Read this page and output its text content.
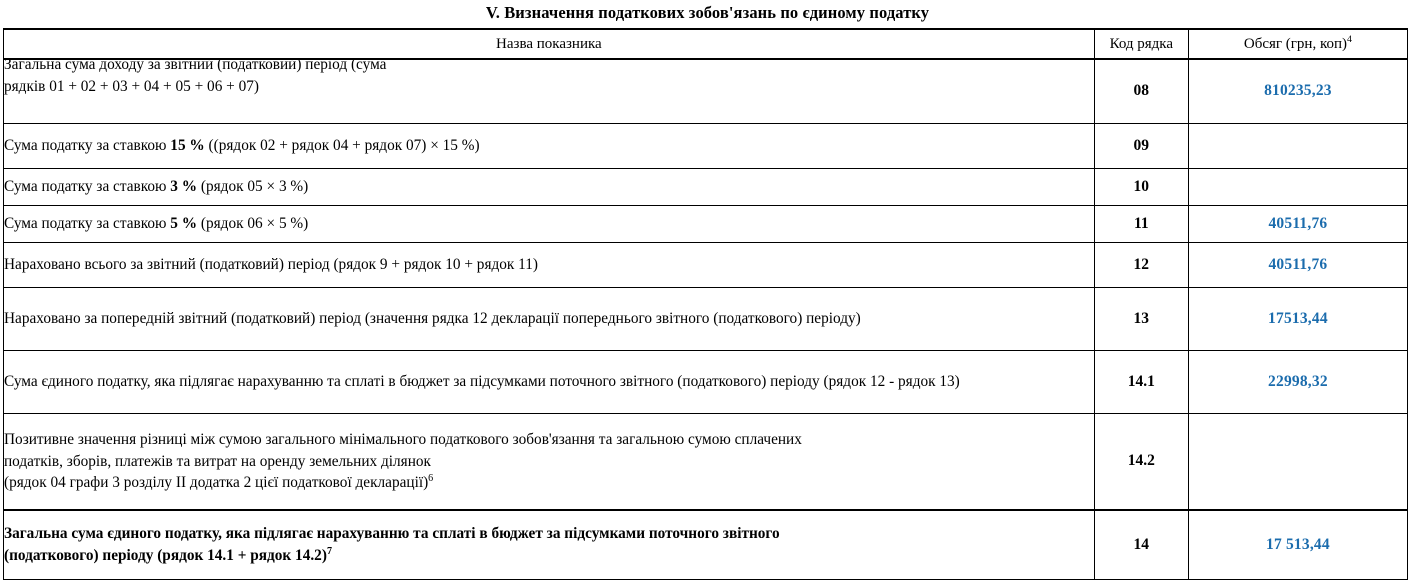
V. Визначення податкових зобов'язань по єдиному податку
Назва показника	Код рядка	Обсяг (грн, коп)$^4$

Загальна сума доходу за звітний (податковий) період (сума
рядків 01 + 02 + 03 + 04 + 05 + 06 + 07)	08	810235,23
Сума податку за ставкою 15 % ((рядок 02 + рядок 04 + рядок 07) × 15 %)	09	
Сума податку за ставкою 3 % (рядок 05 × 3 %)	10	
Сума податку за ставкою 5 % (рядок 06 × 5 %)	11	40511,76
Нараховано всього за звітний (податковий) період (рядок 9 + рядок 10 + рядок 11)	12	40511,76
Нараховано за попередній звітний (податковий) період (значення рядка 12 декларації попереднього звітного (податкового) періоду)	13	17513,44
Сума єдиного податку, яка підлягає нарахуванню та сплаті в бюджет за підсумками поточного звітного (податкового) періоду (рядок 12 - рядок 13)	14.1	22998,32
Позитивне значення різниці між сумою загального мінімального податкового зобов'язання та загальною сумою сплачених
податків, зборів, платежів та витрат на оренду земельних ділянок
(рядок 04 графи 3 розділу II додатка 2 цієї податкової декларації)$^6$	14.2	
Загальна сума єдиного податку, яка підлягає нарахуванню та сплаті в бюджет за підсумками поточного звітного
(податкового) періоду (рядок 14.1 + рядок 14.2)$^7$	14	17 513,44
